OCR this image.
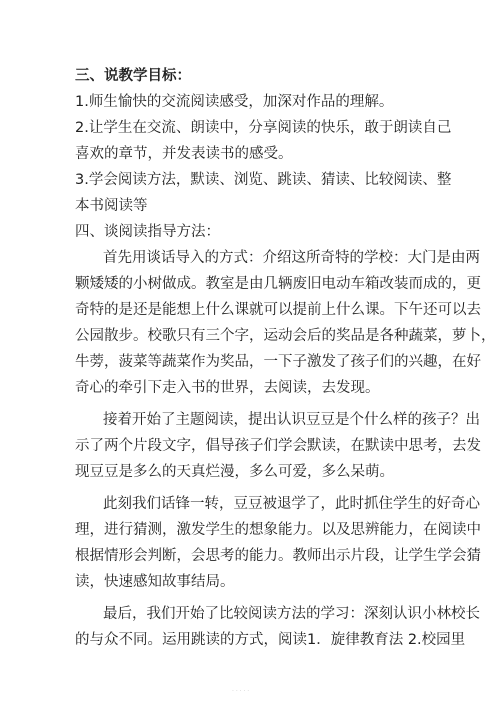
三、说教学目标：
1.师生愉快的交流阅读感受，加深对作品的理解。
2.让学生在交流、朗读中，分享阅读的快乐，敢于朗读自己
喜欢的章节，并发表读书的感受。
3.学会阅读方法，默读、浏览、跳读、猜读、比较阅读、整
本书阅读等
四、谈阅读指导方法：
首先用谈话导入的方式：介绍这所奇特的学校：大门是由两
颗矮矮的小树做成。教室是由几辆废旧电动车箱改装而成的，更
奇特的是还是能想上什么课就可以提前上什么课。下午还可以去
公园散步。校歌只有三个字，运动会后的奖品是各种蔬菜，萝卜，
牛蒡，菠菜等蔬菜作为奖品，一下子激发了孩子们的兴趣，在好
奇心的牵引下走入书的世界，去阅读，去发现。
接着开始了主题阅读，提出认识豆豆是个什么样的孩子？出
示了两个片段文字，倡导孩子们学会默读，在默读中思考，去发
现豆豆是多么的天真烂漫，多么可爱，多么呆萌。
此刻我们话锋一转，豆豆被退学了，此时抓住学生的好奇心
理，进行猜测，激发学生的想象能力。以及思辨能力，在阅读中
根据情形会判断，会思考的能力。教师出示片段，让学生学会猜
读，快速感知故事结局。
最后，我们开始了比较阅读方法的学习：深刻认识小林校长
的与众不同。运用跳读的方式，阅读1．旋律教育法 2.校园里
· · · · ·
